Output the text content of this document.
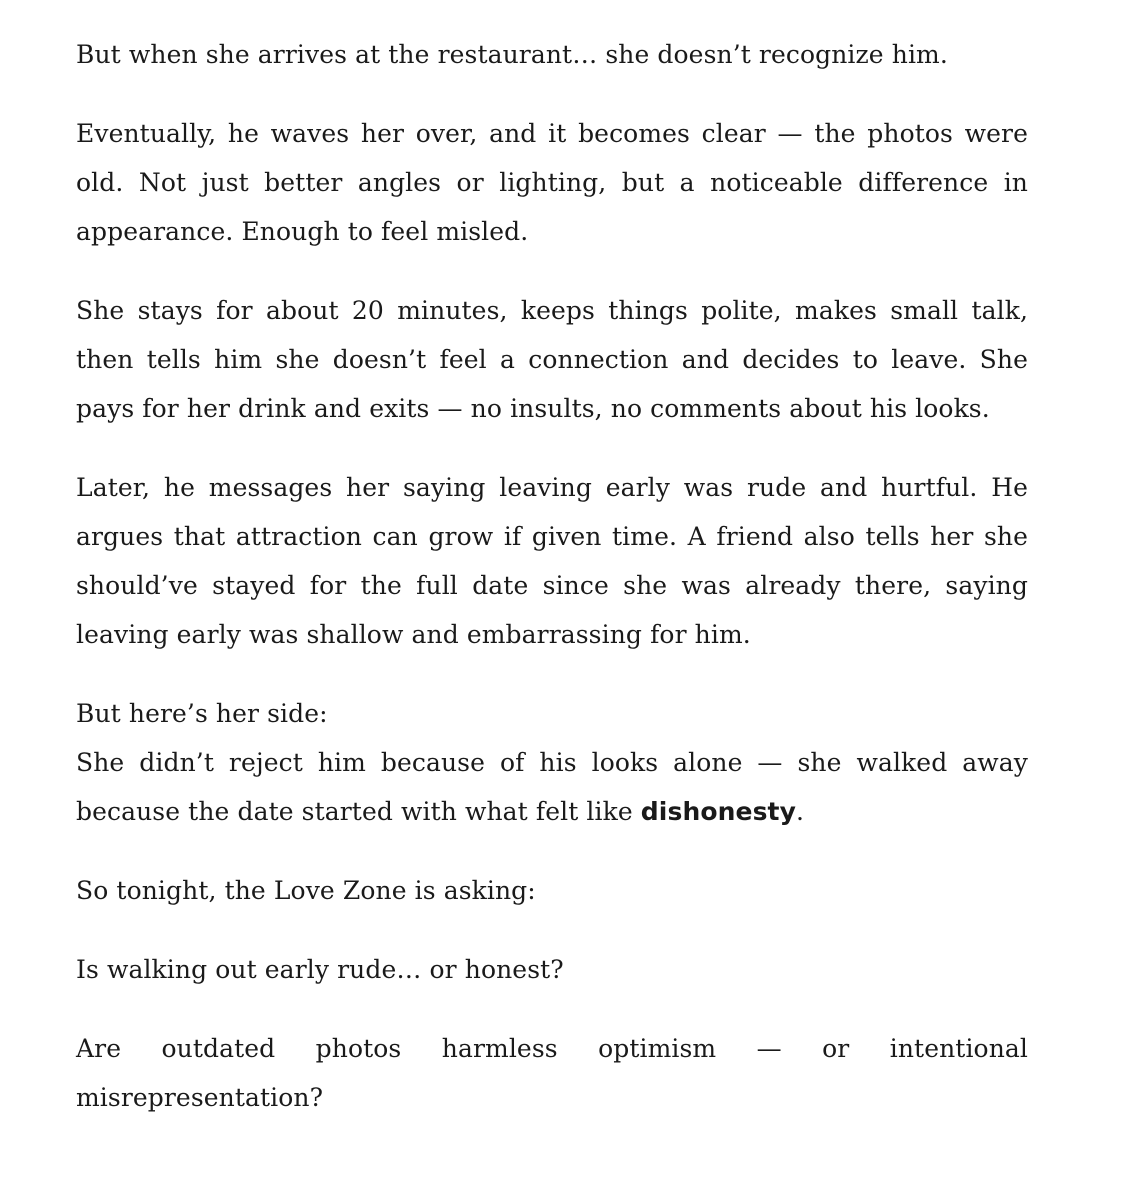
But when she arrives at the restaurant… she doesn’t recognize him.

Eventually, he waves her over, and it becomes clear — the photos were old. Not just better angles or lighting, but a noticeable difference in appearance. Enough to feel misled.

She stays for about 20 minutes, keeps things polite, makes small talk, then tells him she doesn’t feel a connection and decides to leave. She pays for her drink and exits — no insults, no comments about his looks.

Later, he messages her saying leaving early was rude and hurtful. He argues that attraction can grow if given time. A friend also tells her she should’ve stayed for the full date since she was already there, saying leaving early was shallow and embarrassing for him.

But here’s her side:

She didn’t reject him because of his looks alone — she walked away because the date started with what felt like dishonesty.

So tonight, the Love Zone is asking:

Is walking out early rude… or honest?

Are outdated photos harmless optimism — or intentional misrepresentation?
